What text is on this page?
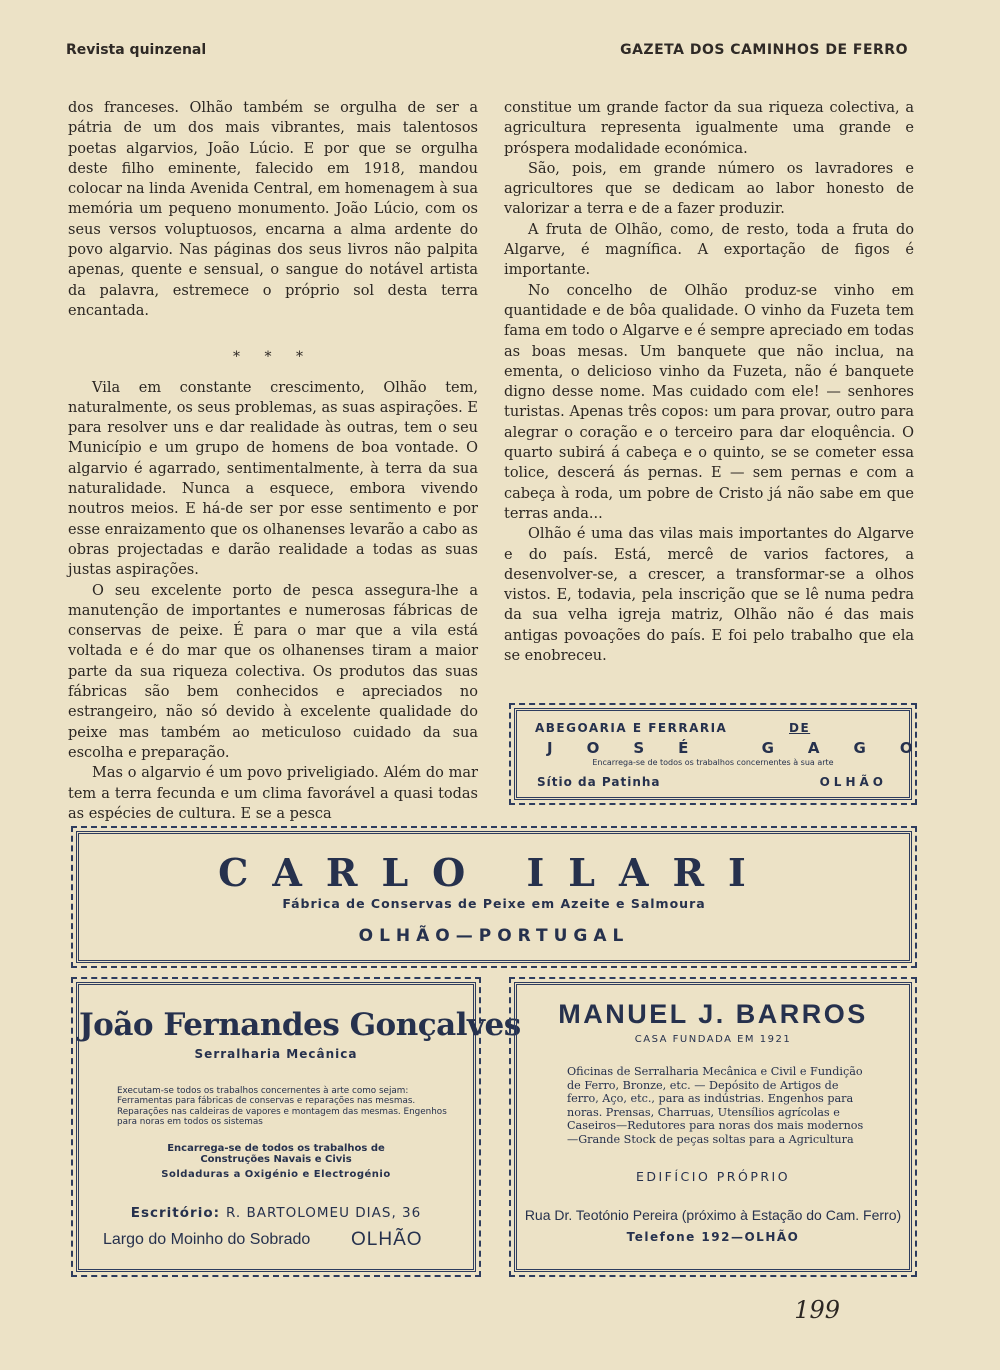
Revista quinzenal	GAZETA DOS CAMINHOS DE FERRO

dos franceses. Olhão também se orgulha de ser a pátria de um dos mais vibrantes, mais talentosos poetas algarvios, João Lúcio. E por que se orgulha deste filho eminente, falecido em 1918, mandou colocar na linda Avenida Central, em homenagem à sua memória um pequeno monumento. João Lúcio, com os seus versos voluptuosos, encarna a alma ardente do povo algarvio. Nas páginas dos seus livros não palpita apenas, quente e sensual, o sangue do notável artista da palavra, estremece o próprio sol desta terra encantada.

* * *

Vila em constante crescimento, Olhão tem, naturalmente, os seus problemas, as suas aspirações. E para resolver uns e dar realidade às outras, tem o seu Município e um grupo de homens de boa vontade. O algarvio é agarrado, sentimentalmente, à terra da sua naturalidade. Nunca a esquece, embora vivendo noutros meios. E há-de ser por esse sentimento e por esse enraizamento que os olhanenses levarão a cabo as obras projectadas e darão realidade a todas as suas justas aspirações.

O seu excelente porto de pesca assegura-lhe a manutenção de importantes e numerosas fábricas de conservas de peixe. É para o mar que a vila está voltada e é do mar que os olhanenses tiram a maior parte da sua riqueza colectiva. Os produtos das suas fábricas são bem conhecidos e apreciados no estrangeiro, não só devido à excelente qualidade do peixe mas também ao meticuloso cuidado da sua escolha e preparação.

Mas o algarvio é um povo priveligiado. Além do mar tem a terra fecunda e um clima favorável a quasi todas as espécies de cultura. E se a pesca

constitue um grande factor da sua riqueza colectiva, a agricultura representa igualmente uma grande e próspera modalidade económica.

São, pois, em grande número os lavradores e agricultores que se dedicam ao labor honesto de valorizar a terra e de a fazer produzir.

A fruta de Olhão, como, de resto, toda a fruta do Algarve, é magnífica. A exportação de figos é importante.

No concelho de Olhão produz-se vinho em quantidade e de bôa qualidade. O vinho da Fuzeta tem fama em todo o Algarve e é sempre apreciado em todas as boas mesas. Um banquete que não inclua, na ementa, o delicioso vinho da Fuzeta, não é banquete digno desse nome. Mas cuidado com ele! — senhores turistas. Apenas três copos: um para provar, outro para alegrar o coração e o terceiro para dar eloquência. O quarto subirá á cabeça e o quinto, se se cometer essa tolice, descerá ás pernas. E — sem pernas e com a cabeça à roda, um pobre de Cristo já não sabe em que terras anda...

Olhão é uma das vilas mais importantes do Algarve e do país. Está, mercê de varios factores, a desenvolver-se, a crescer, a transformar-se a olhos vistos. E, todavia, pela inscrição que se lê numa pedra da sua velha igreja matriz, Olhão não é das mais antigas povoações do país. E foi pelo trabalho que ela se enobreceu.

ABEGOARIA E FERRARIA	DE
JOSÉ GAGO
Encarrega-se de todos os trabalhos concernentes à sua arte
Sítio da Patinha	OLHÃO
CARLO ILARI
Fábrica de Conservas de Peixe em Azeite e Salmoura
OLHÃO—PORTUGAL
João Fernandes Gonçalves
Serralharia Mecânica
Executam-se todos os trabalhos concernentes à arte como sejam: Ferramentas para fábricas de conservas e reparações nas mesmas. Reparações nas caldeiras de vapores e montagem das mesmas. Engenhos para noras em todos os sistemas
Encarrega-se de todos os trabalhos de Construções Navais e Civis
Soldaduras a Oxigénio e Electrogénio
Escritório: R. BARTOLOMEU DIAS, 36
Largo do Moinho do Sobrado OLHÃO
MANUEL J. BARROS
CASA FUNDADA EM 1921
Oficinas de Serralharia Mecânica e Civil e Fundição de Ferro, Bronze, etc. — Depósito de Artigos de ferro, Aço, etc., para as indústrias. Engenhos para noras. Prensas, Charruas, Utensílios agrícolas e Caseiros—Redutores para noras dos mais modernos—Grande Stock de peças soltas para a Agricultura
EDIFÍCIO PRÓPRIO
Rua Dr. Teotónio Pereira (próximo à Estação do Cam. Ferro)
Telefone 192—OLHÃO
199
